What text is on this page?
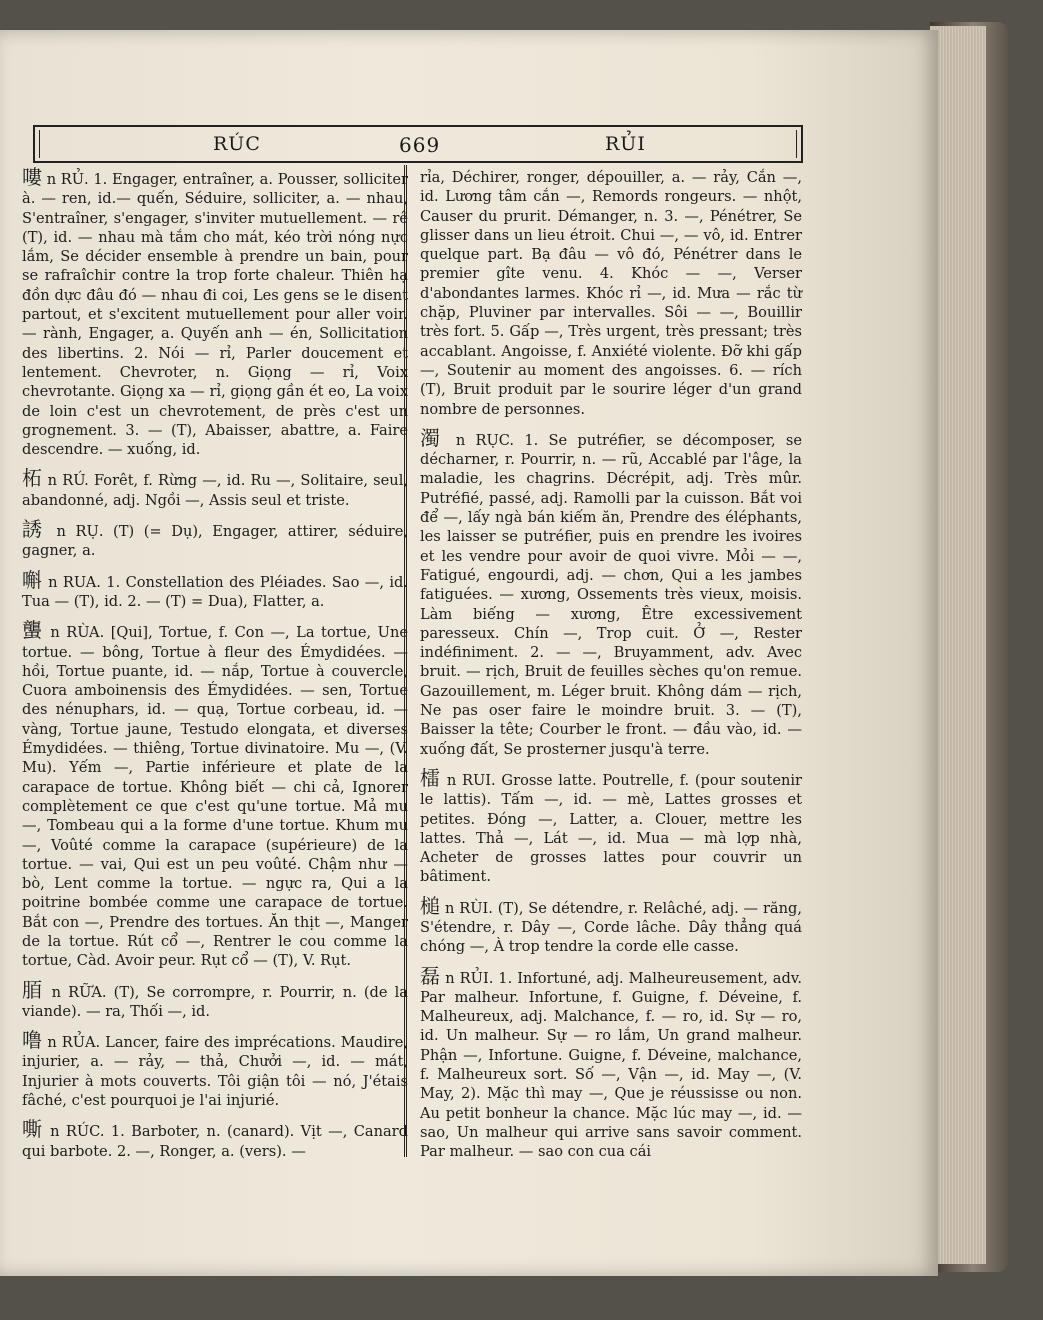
RÚC	669	RỦI

嘍 n RỦ. 1. Engager, entraîner, a. Pousser, solliciter à. — ren, id.— quến, Séduire, solliciter, a. — nhau, S'entraîner, s'engager, s'inviter mutuellement. — rê (T), id. — nhau mà tắm cho mát, kéo trời nóng nực lắm, Se décider ensemble à prendre un bain, pour se rafraîchir contre la trop forte chaleur. Thiên hạ đồn dực đâu đó — nhau đi coi, Les gens se le disent partout, et s'excitent mutuellement pour aller voir. — rành, Engager, a. Quyến anh — én, Sollicitation des libertins. 2. Nói — rỉ, Parler doucement et lentement. Chevroter, n. Giọng — rỉ, Voix chevrotante. Giọng xa — rỉ, giọng gần ét eo, La voix de loin c'est un chevrotement, de près c'est un grognement. 3. — (T), Abaisser, abattre, a. Faire descendre. — xuống, id.

柘 n RÚ. Forêt, f. Rừng —, id. Ru —, Solitaire, seul, abandonné, adj. Ngồi —, Assis seul et triste.

誘 n RỤ. (T) (= Dụ), Engager, attirer, séduire, gagner, a.

嘝 n RUA. 1. Constellation des Pléiades. Sao —, id. Tua — (T), id. 2. — (T) = Dua), Flatter, a.

蠪 n RÙA. [Qui], Tortue, f. Con —, La tortue, Une tortue. — bông, Tortue à fleur des Émydidées. — hồi, Tortue puante, id. — nắp, Tortue à couvercle, Cuora amboinensis des Émydidées. — sen, Tortue des nénuphars, id. — quạ, Tortue corbeau, id. — vàng, Tortue jaune, Testudo elongata, et diverses Émydidées. — thiêng, Tortue divinatoire. Mu —, (V. Mu). Yếm —, Partie inférieure et plate de la carapace de tortue. Không biết — chi cả, Ignorer complètement ce que c'est qu'une tortue. Mả mu —, Tombeau qui a la forme d'une tortue. Khum mu —, Voûté comme la carapace (supérieure) de la tortue. — vai, Qui est un peu voûté. Chậm như — bò, Lent comme la tortue. — ngực ra, Qui a la poitrine bombée comme une carapace de tortue. Bắt con —, Prendre des tortues. Ăn thịt —, Manger de la tortue. Rút cổ —, Rentrer le cou comme la tortue, Càd. Avoir peur. Rụt cổ — (T), V. Rụt.

脜 n RỮA. (T), Se corrompre, r. Pourrir, n. (de la viande). — ra, Thối —, id.

噜 n RỦA. Lancer, faire des imprécations. Maudire, injurier, a. — rảy, — thả, Chưởi —, id. — mát, Injurier à mots couverts. Tôi giận tôi — nó, J'étais fâché, c'est pourquoi je l'ai injurié.

嘶 n RÚC. 1. Barboter, n. (canard). Vịt —, Canard qui barbote. 2. —, Ronger, a. (vers). —

rỉa, Déchirer, ronger, dépouiller, a. — rảy, Cắn —, id. Lương tâm cắn —, Remords rongeurs. — nhột, Causer du prurit. Démanger, n. 3. —, Pénétrer, Se glisser dans un lieu étroit. Chui —, — vô, id. Entrer quelque part. Bạ đâu — vô đó, Pénétrer dans le premier gîte venu. 4. Khóc — —, Verser d'abondantes larmes. Khóc rỉ —, id. Mưa — rắc từ chặp, Pluviner par intervalles. Sôi — —, Bouillir très fort. 5. Gấp —, Très urgent, très pressant; très accablant. Angoisse, f. Anxiété violente. Đỡ khi gấp —, Soutenir au moment des angoisses. 6. — rích (T), Bruit produit par le sourire léger d'un grand nombre de personnes.

濁 n RỤC. 1. Se putréfier, se décomposer, se décharner, r. Pourrir, n. — rũ, Accablé par l'âge, la maladie, les chagrins. Décrépit, adj. Très mûr. Putréfié, passé, adj. Ramolli par la cuisson. Bắt voi để —, lấy ngà bán kiếm ăn, Prendre des éléphants, les laisser se putréfier, puis en prendre les ivoires et les vendre pour avoir de quoi vivre. Mỏi — —, Fatigué, engourdi, adj. — chơn, Qui a les jambes fatiguées. — xương, Ossements très vieux, moisis. Làm biếng — xương, Être excessivement paresseux. Chín —, Trop cuit. Ở —, Rester indéfiniment. 2. — —, Bruyamment, adv. Avec bruit. — rịch, Bruit de feuilles sèches qu'on remue. Gazouillement, m. Léger bruit. Không dám — rịch, Ne pas oser faire le moindre bruit. 3. — (T), Baisser la tête; Courber le front. — đầu vào, id. — xuống đất, Se prosterner jusqu'à terre.

檑 n RUI. Grosse latte. Poutrelle, f. (pour soutenir le lattis). Tấm —, id. — mè, Lattes grosses et petites. Đóng —, Latter, a. Clouer, mettre les lattes. Thả —, Lát —, id. Mua — mà lợp nhà, Acheter de grosses lattes pour couvrir un bâtiment.

槌 n RÙI. (T), Se détendre, r. Relâché, adj. — răng, S'étendre, r. Dây —, Corde lâche. Dây thẳng quá chóng —, À trop tendre la corde elle casse.

磊 n RỦI. 1. Infortuné, adj. Malheureusement, adv. Par malheur. Infortune, f. Guigne, f. Déveine, f. Malheureux, adj. Malchance, f. — ro, id. Sự — ro, id. Un malheur. Sự — ro lắm, Un grand malheur. Phận —, Infortune. Guigne, f. Déveine, malchance, f. Malheureux sort. Số —, Vận —, id. May —, (V. May, 2). Mặc thì may —, Que je réussisse ou non. Au petit bonheur la chance. Mặc lúc may —, id. — sao, Un malheur qui arrive sans savoir comment. Par malheur. — sao con cua cái
